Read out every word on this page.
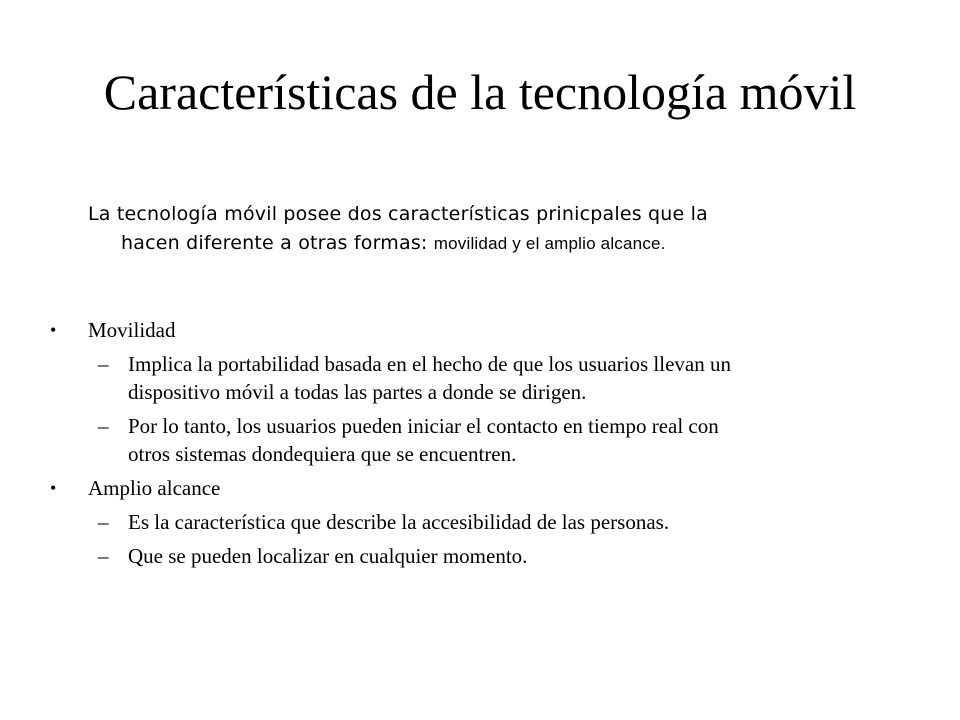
Características de la tecnología móvil
La tecnología móvil posee dos características prinicpales que la
hacen diferente a otras formas: movilidad y el amplio alcance.
• Movilidad
– Implica la portabilidad basada en el hecho de que los usuarios llevan un
dispositivo móvil a todas las partes a donde se dirigen.
– Por lo tanto, los usuarios pueden iniciar el contacto en tiempo real con
otros sistemas dondequiera que se encuentren.
• Amplio alcance
– Es la característica que describe la accesibilidad de las personas.
– Que se pueden localizar en cualquier momento.
